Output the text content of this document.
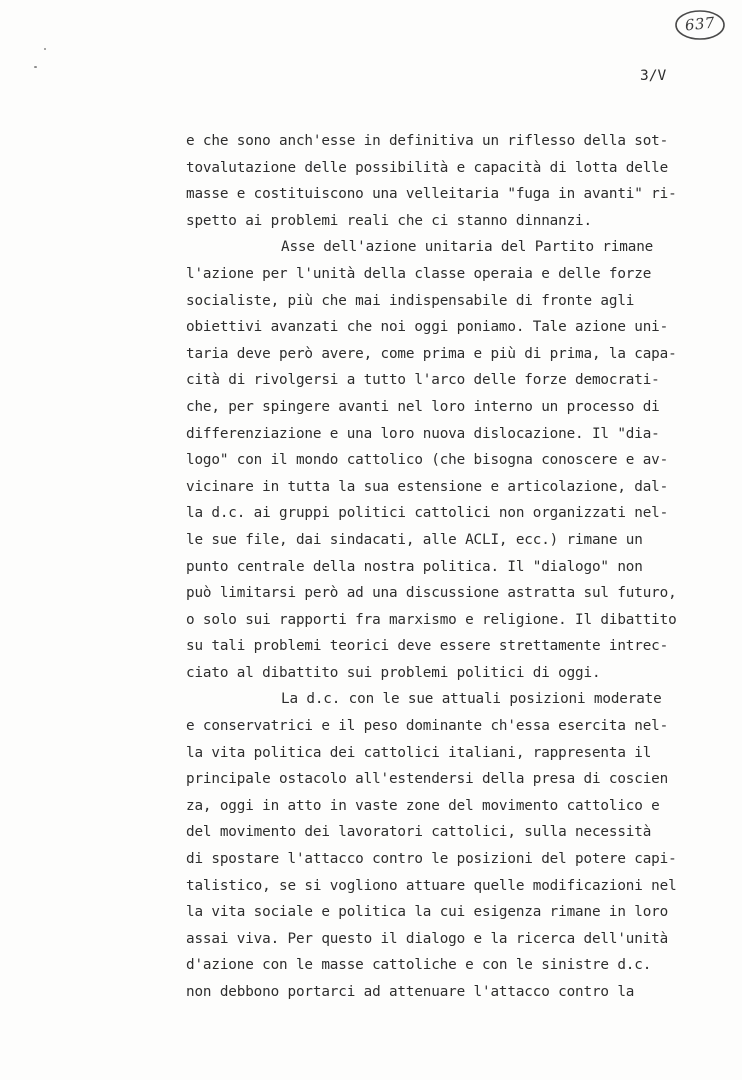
637
3/V
e che sono anch'esse in definitiva un riflesso della sot-
tovalutazione delle possibilità e capacità di lotta delle
masse e costituiscono una velleitaria "fuga in avanti" ri-
spetto ai problemi reali che ci stanno dinnanzi.
Asse dell'azione unitaria del Partito rimane
l'azione per l'unità della classe operaia e delle forze
socialiste, più che mai indispensabile di fronte agli
obiettivi avanzati che noi oggi poniamo. Tale azione uni-
taria deve però avere, come prima e più di prima, la capa-
cità di rivolgersi a tutto l'arco delle forze democrati-
che, per spingere avanti nel loro interno un processo di
differenziazione e una loro nuova dislocazione. Il "dia-
logo" con il mondo cattolico (che bisogna conoscere e av-
vicinare in tutta la sua estensione e articolazione, dal-
la d.c. ai gruppi politici cattolici non organizzati nel-
le sue file, dai sindacati, alle ACLI, ecc.) rimane un
punto centrale della nostra politica. Il "dialogo" non
può limitarsi però ad una discussione astratta sul futuro,
o solo sui rapporti fra marxismo e religione. Il dibattito
su tali problemi teorici deve essere strettamente intrec-
ciato al dibattito sui problemi politici di oggi.
La d.c. con le sue attuali posizioni moderate
e conservatrici e il peso dominante ch'essa esercita nel-
la vita politica dei cattolici italiani, rappresenta il
principale ostacolo all'estendersi della presa di coscien
za, oggi in atto in vaste zone del movimento cattolico e
del movimento dei lavoratori cattolici, sulla necessità
di spostare l'attacco contro le posizioni del potere capi-
talistico, se si vogliono attuare quelle modificazioni nel
la vita sociale e politica la cui esigenza rimane in loro
assai viva. Per questo il dialogo e la ricerca dell'unità
d'azione con le masse cattoliche e con le sinistre d.c.
non debbono portarci ad attenuare l'attacco contro la
